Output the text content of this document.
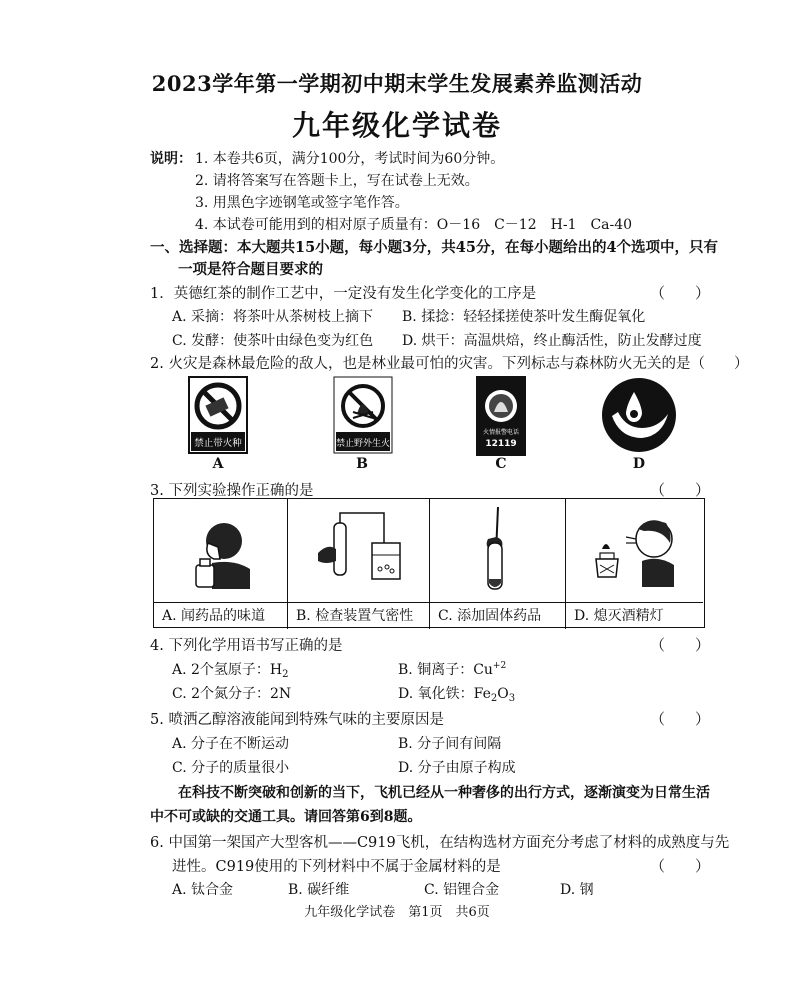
2023学年第一学期初中期末学生发展素养监测活动
九年级化学试卷
说明： 1. 本卷共6页，满分100分，考试时间为60分钟。
2. 请将答案写在答题卡上，写在试卷上无效。
3. 用黑色字迹钢笔或签字笔作答。
4. 本试卷可能用到的相对原子质量有：O－16　C－12　H-1　Ca-40
一、选择题：本大题共15小题，每小题3分，共45分，在每小题给出的4个选项中，只有
一项是符合题目要求的
1．英德红茶的制作工艺中，一定没有发生化学变化的工序是	（　　）
A. 采摘：将茶叶从茶树枝上摘下 B. 揉捻：轻轻揉搓使茶叶发生酶促氧化
C. 发酵：使茶叶由绿色变为红色 D. 烘干：高温烘焙，终止酶活性，防止发酵过度
2. 火灾是森林最危险的敌人，也是林业最可怕的灾害。下列标志与森林防火无关的是（　　）
禁止带火种
A
禁止野外生火
B
火情报警电话
12119
C	D
3. 下列实验操作正确的是	（　　）
A. 闻药品的味道	B. 检查装置气密性	C. 添加固体药品	D. 熄灭酒精灯
4. 下列化学用语书写正确的是	（　　）
A. 2个氢原子：$H_2$	B. 铜离子：$Cu^{+2}$
C. 2个氮分子：2N	D. 氧化铁：$Fe_2O_3$
5. 喷洒乙醇溶液能闻到特殊气味的主要原因是	（　　）
A. 分子在不断运动	B. 分子间有间隔
C. 分子的质量很小	D. 分子由原子构成
在科技不断突破和创新的当下，飞机已经从一种奢侈的出行方式，逐渐演变为日常生活
中不可或缺的交通工具。请回答第6到8题。
6. 中国第一架国产大型客机——C919飞机，在结构选材方面充分考虑了材料的成熟度与先
进性。C919使用的下列材料中不属于金属材料的是	（　　）
A. 钛合金	B. 碳纤维	C. 铝锂合金	D. 钢
九年级化学试卷　第1页　共6页
